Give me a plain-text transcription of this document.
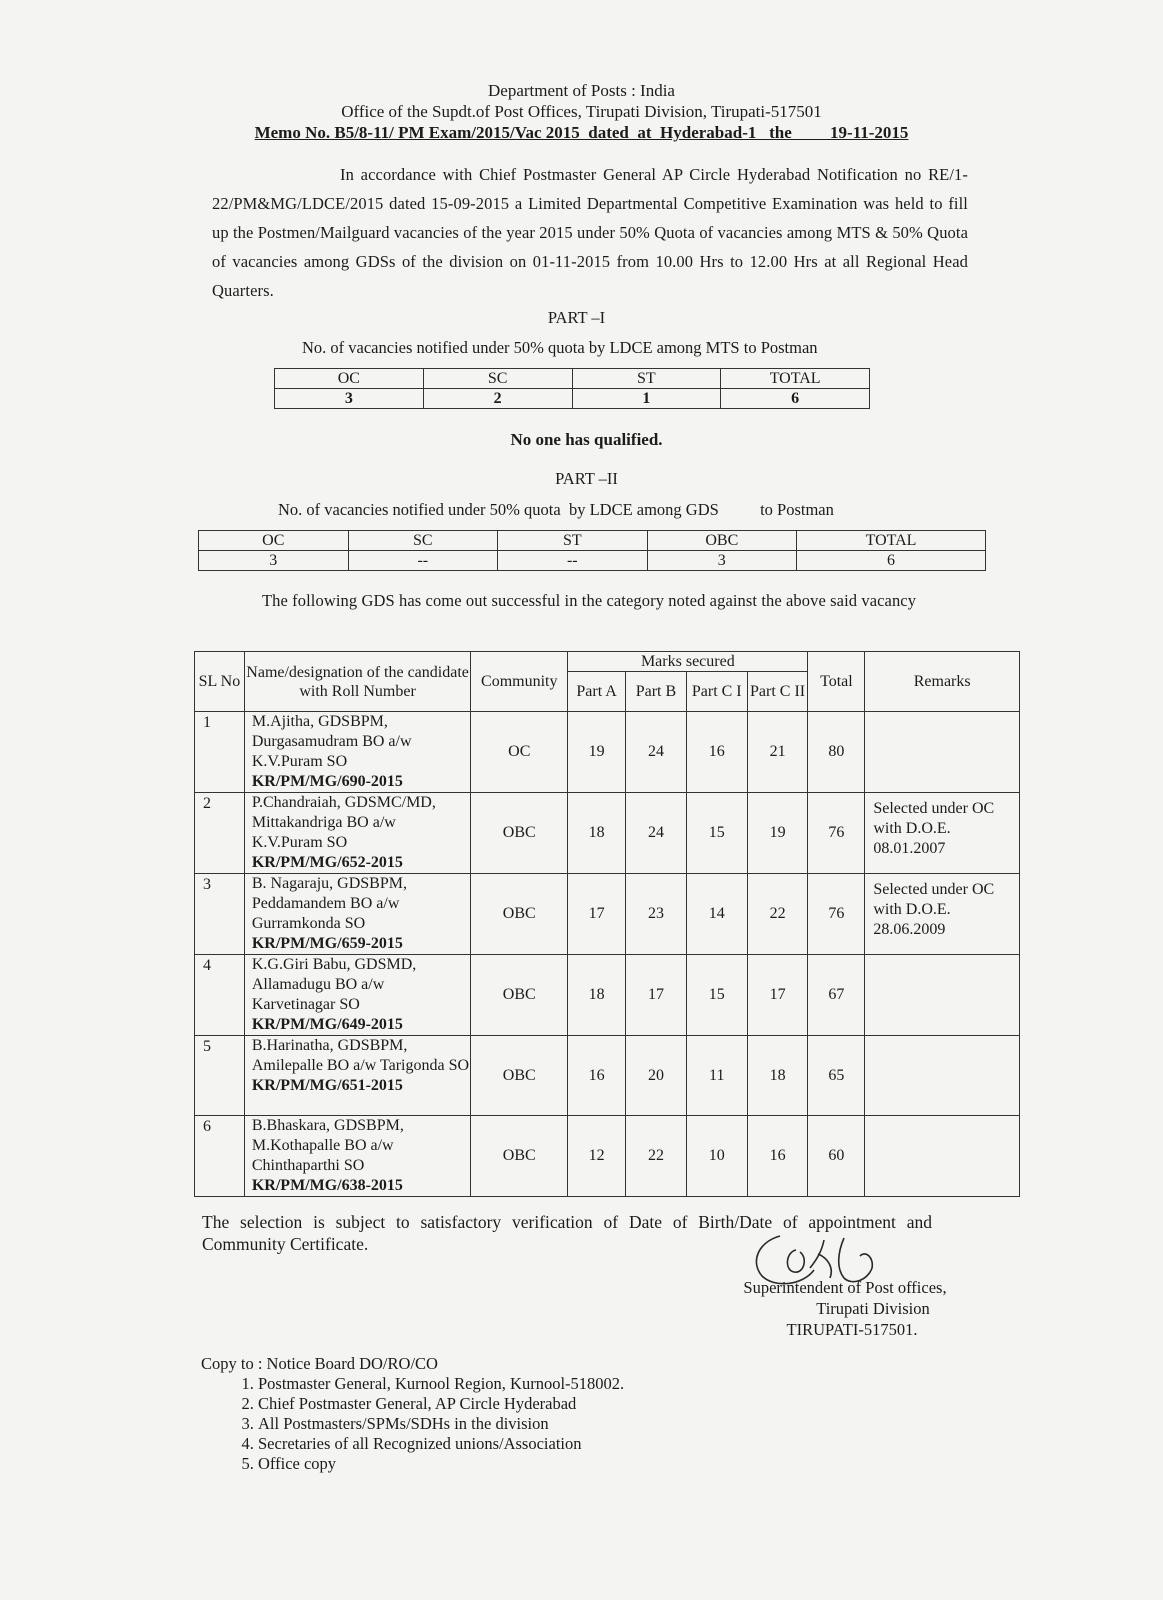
Department of Posts : India
Office of the Supdt.of Post Offices, Tirupati Division, Tirupati-517501
Memo No. B5/8-11/ PM Exam/2015/Vac 2015  dated  at  Hyderabad-1   the         19-11-2015
In accordance with Chief Postmaster General AP Circle Hyderabad Notification no RE/1-22/PM&MG/LDCE/2015 dated 15-09-2015 a Limited Departmental Competitive Examination was held to fill up the Postmen/Mailguard vacancies of the year 2015 under 50% Quota of vacancies among MTS & 50% Quota of vacancies among GDSs of the division on 01-11-2015 from 10.00 Hrs to 12.00 Hrs at all Regional Head Quarters.
PART –I
No. of vacancies notified under 50% quota by LDCE among MTS to Postman
OC	SC	ST	TOTAL
3	2	1	6
No one has qualified.
PART –II
No. of vacancies notified under 50% quota  by LDCE among GDS          to Postman
OC	SC	ST	OBC	TOTAL
3	--	--	3	6
The following GDS has come out successful in the category noted against the above said vacancy
SL No	Name/designation of the candidate with Roll Number	Community	Marks secured				Total	Remarks
			Part A	Part B	Part C I	Part C II		
1	M.Ajitha, GDSBPM, Durgasamudram BO a/w K.V.Puram SO
KR/PM/MG/690-2015	OC	19	24	16	21	80	
2	P.Chandraiah, GDSMC/MD, Mittakandriga BO a/w K.V.Puram SO
KR/PM/MG/652-2015	OBC	18	24	15	19	76	Selected under OC with D.O.E. 08.01.2007
3	B. Nagaraju, GDSBPM, Peddamandem BO a/w Gurramkonda SO
KR/PM/MG/659-2015	OBC	17	23	14	22	76	Selected under OC with D.O.E. 28.06.2009
4	K.G.Giri Babu, GDSMD, Allamadugu BO a/w Karvetinagar SO
KR/PM/MG/649-2015	OBC	18	17	15	17	67	
5	B.Harinatha, GDSBPM, Amilepalle BO a/w Tarigonda SO
KR/PM/MG/651-2015	OBC	16	20	11	18	65	
6	B.Bhaskara, GDSBPM, M.Kothapalle BO a/w Chinthaparthi SO
KR/PM/MG/638-2015	OBC	12	22	10	16	60	
The selection is subject to satisfactory verification of Date of Birth/Date of appointment and Community Certificate.
Superintendent of Post offices,
Tirupati Division
TIRUPATI-517501.
Copy to : Notice Board DO/RO/CO
1. Postmaster General, Kurnool Region, Kurnool-518002.
2. Chief Postmaster General, AP Circle Hyderabad
3. All Postmasters/SPMs/SDHs in the division
4. Secretaries of all Recognized unions/Association
5. Office copy
